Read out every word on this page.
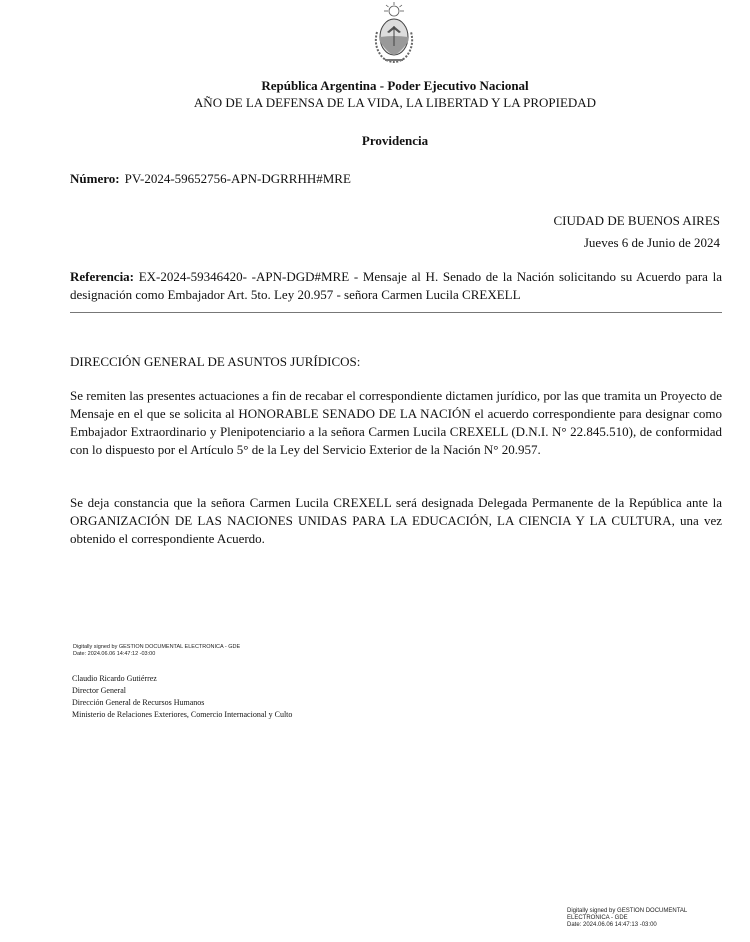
República Argentina - Poder Ejecutivo Nacional
AÑO DE LA DEFENSA DE LA VIDA, LA LIBERTAD Y LA PROPIEDAD
Providencia
Número: PV-2024-59652756-APN-DGRRHH#MRE
CIUDAD DE BUENOS AIRES
Jueves 6 de Junio de 2024
Referencia: EX-2024-59346420- -APN-DGD#MRE - Mensaje al H. Senado de la Nación solicitando su Acuerdo para la designación como Embajador Art. 5to. Ley 20.957 - señora Carmen Lucila CREXELL
DIRECCIÓN GENERAL DE ASUNTOS JURÍDICOS:
Se remiten las presentes actuaciones a fin de recabar el correspondiente dictamen jurídico, por las que tramita un Proyecto de Mensaje en el que se solicita al HONORABLE SENADO DE LA NACIÓN el acuerdo correspondiente para designar como Embajador Extraordinario y Plenipotenciario a la señora Carmen Lucila CREXELL (D.N.I. N° 22.845.510), de conformidad con lo dispuesto por el Artículo 5° de la Ley del Servicio Exterior de la Nación N° 20.957.
Se deja constancia que la señora Carmen Lucila CREXELL será designada Delegada Permanente de la República ante la ORGANIZACIÓN DE LAS NACIONES UNIDAS PARA LA EDUCACIÓN, LA CIENCIA Y LA CULTURA, una vez obtenido el correspondiente Acuerdo.
Digitally signed by GESTION DOCUMENTAL ELECTRONICA - GDE
Date: 2024.06.06 14:47:12 -03:00
Claudio Ricardo Gutiérrez
Director General
Dirección General de Recursos Humanos
Ministerio de Relaciones Exteriores, Comercio Internacional y Culto
Digitally signed by GESTION DOCUMENTAL
ELECTRONICA - GDE
Date: 2024.06.06 14:47:13 -03:00
